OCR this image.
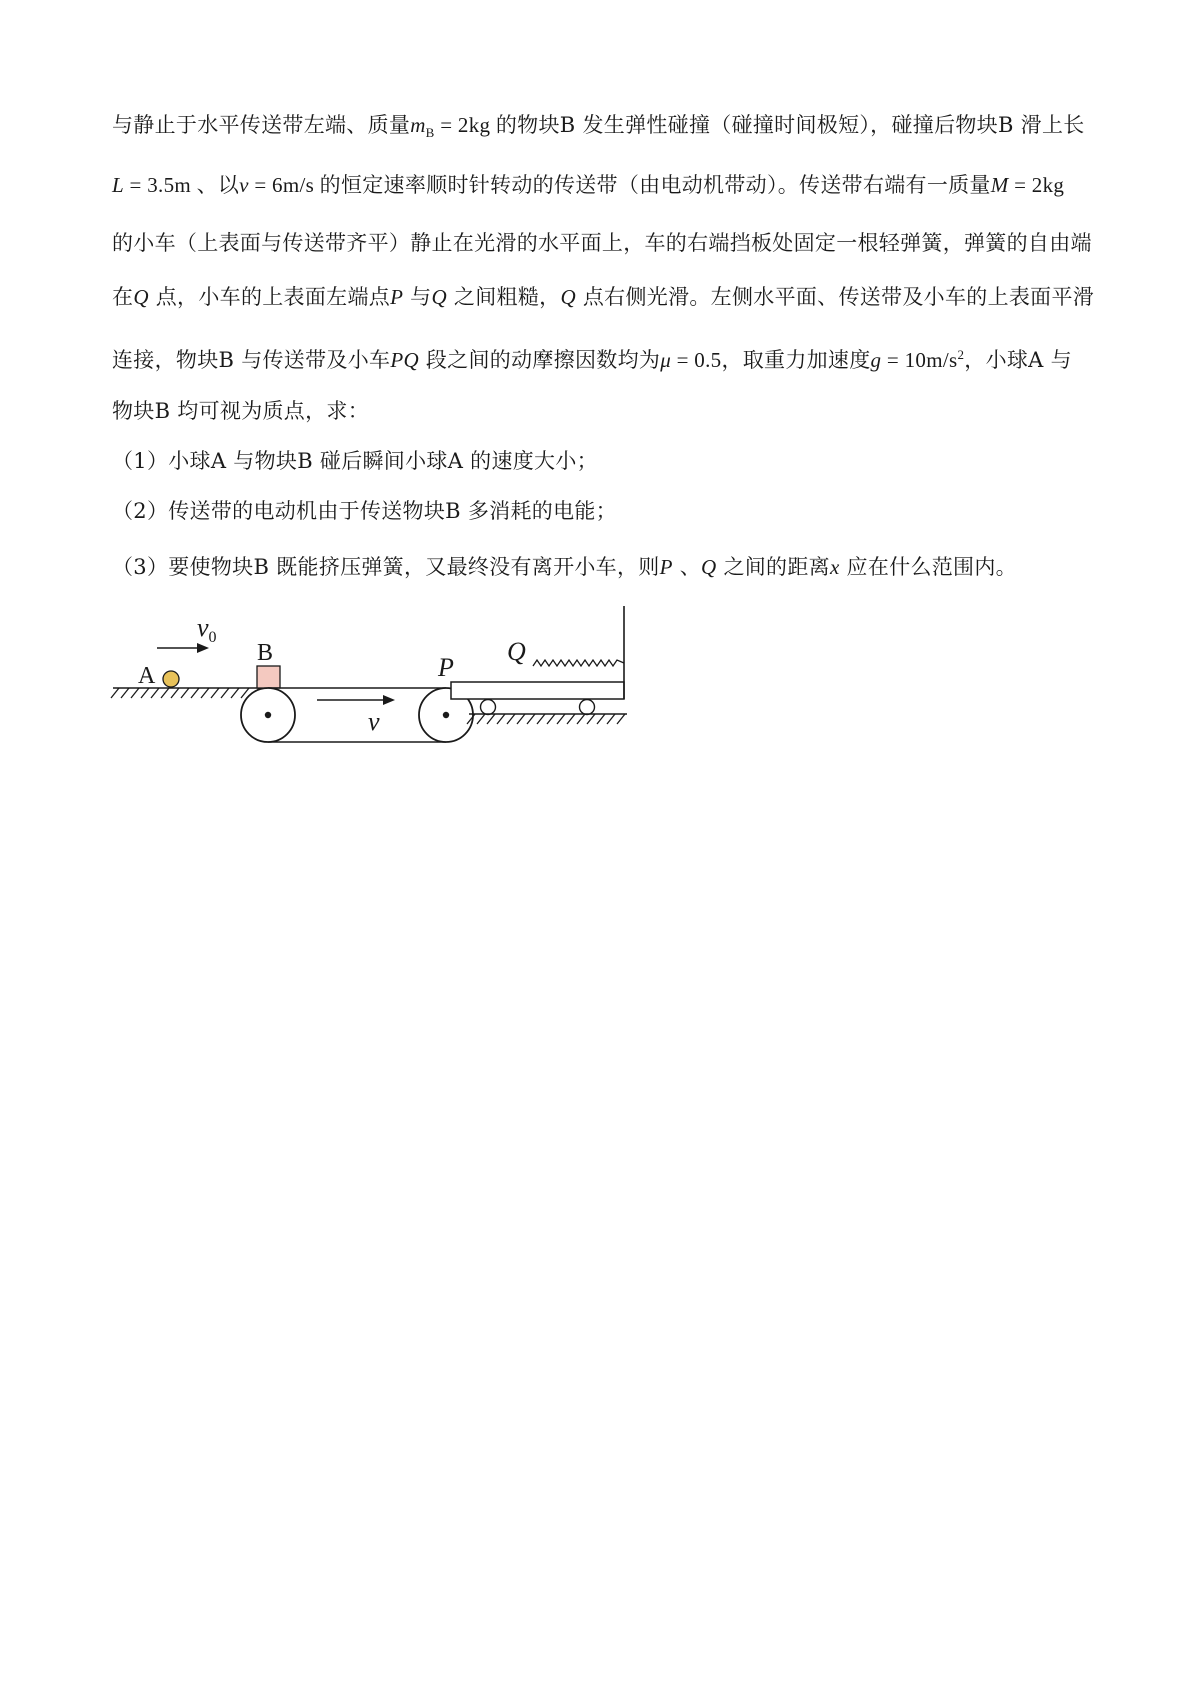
与静止于水平传送带左端、质量$m_B = 2kg$ 的物块B 发生弹性碰撞（碰撞时间极短），碰撞后物块B 滑上长
L = 3.5m 、以v = 6m/s 的恒定速率顺时针转动的传送带（由电动机带动）。传送带右端有一质量M = 2kg
的小车（上表面与传送带齐平）静止在光滑的水平面上，车的右端挡板处固定一根轻弹簧，弹簧的自由端
在Q 点，小车的上表面左端点P 与Q 之间粗糙，Q 点右侧光滑。左侧水平面、传送带及小车的上表面平滑
连接，物块B 与传送带及小车PQ 段之间的动摩擦因数均为μ = 0.5，取重力加速度$g = 10m/s^2$，小球A 与
物块B 均可视为质点，求：
（1）小球A 与物块B 碰后瞬间小球A 的速度大小；
（2）传送带的电动机由于传送物块B 多消耗的电能；
（3）要使物块B 既能挤压弹簧，又最终没有离开小车，则P 、Q 之间的距离x 应在什么范围内。
A
$v_0$
B
v
P
Q
